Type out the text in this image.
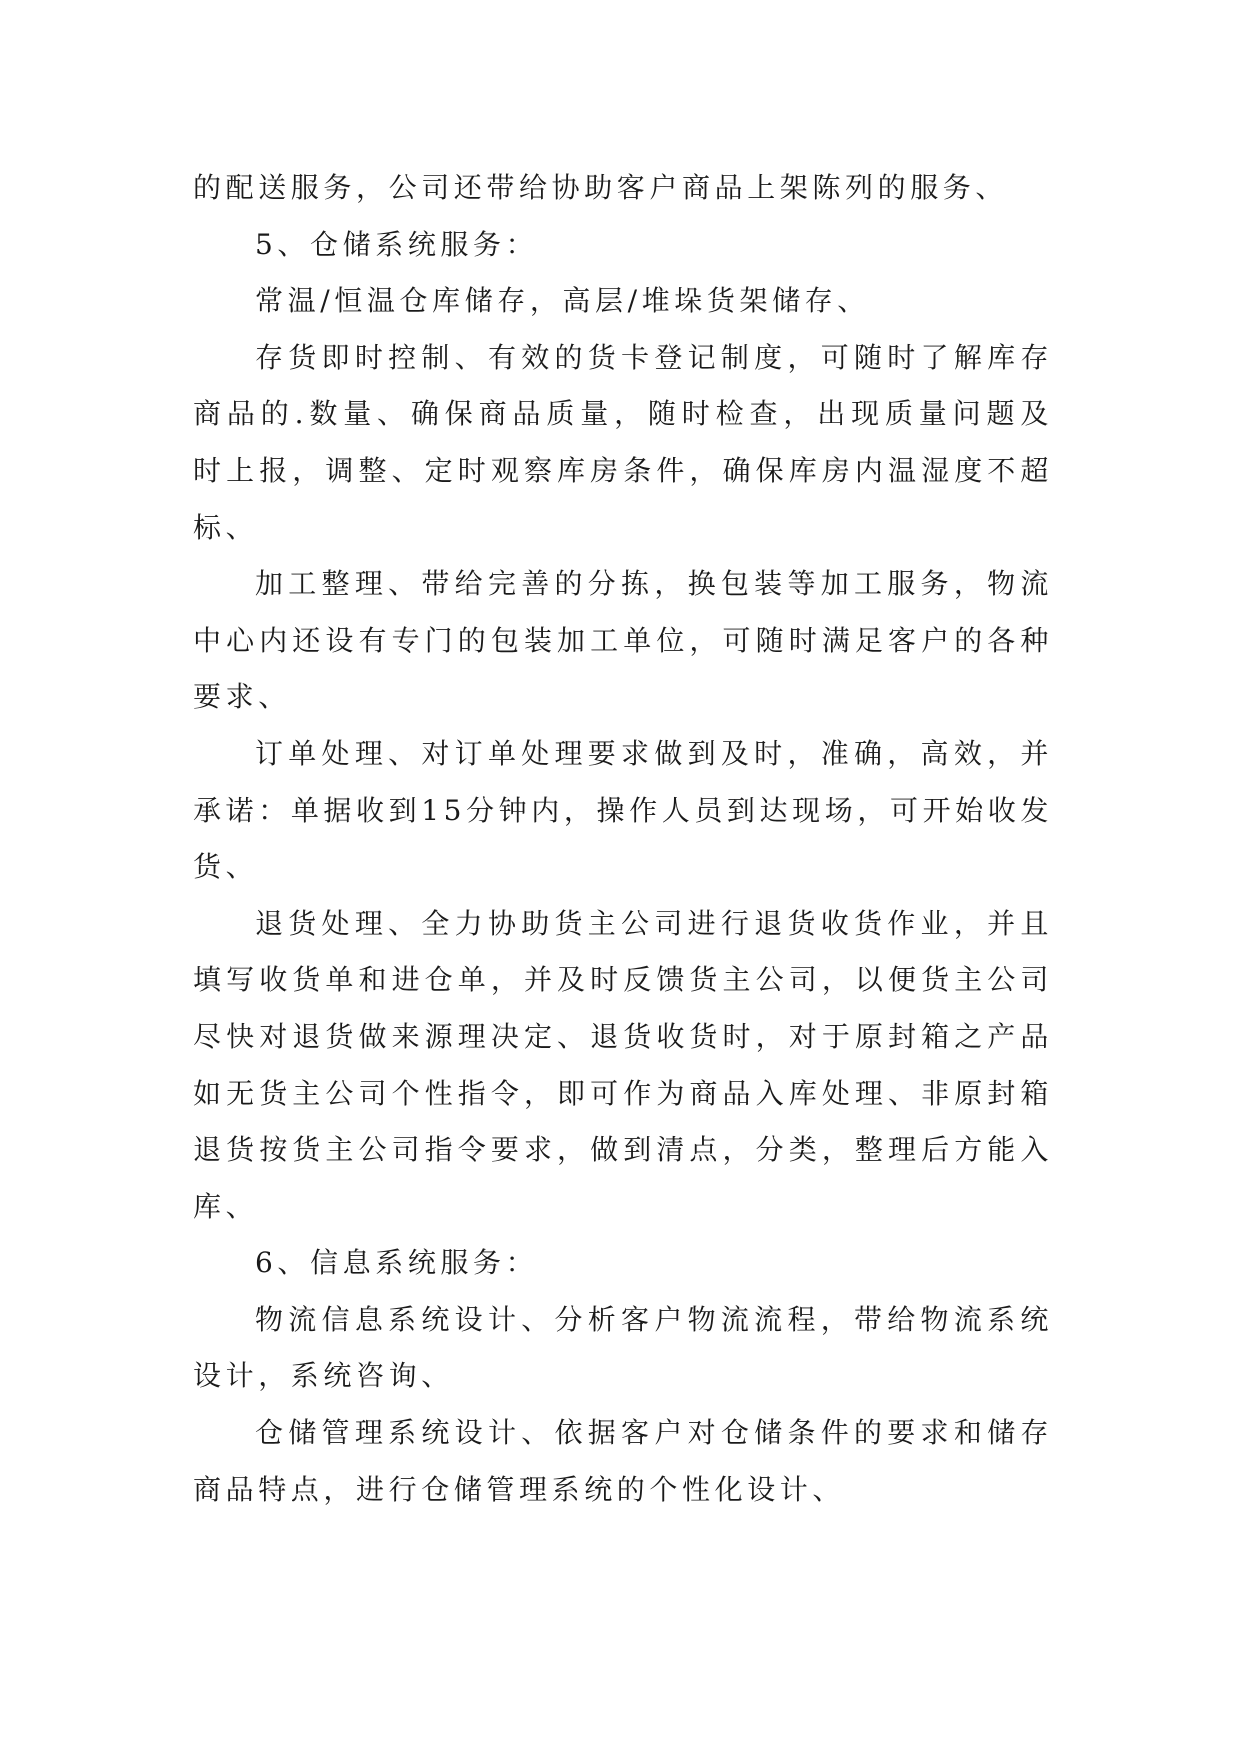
的配送服务，公司还带给协助客户商品上架陈列的服务、

5、仓储系统服务：

常温/恒温仓库储存，高层/堆垛货架储存、

存货即时控制、有效的货卡登记制度，可随时了解库存商品的.数量、确保商品质量，随时检查，出现质量问题及时上报，调整、定时观察库房条件，确保库房内温湿度不超标、

加工整理、带给完善的分拣，换包装等加工服务，物流中心内还设有专门的包装加工单位，可随时满足客户的各种要求、

订单处理、对订单处理要求做到及时，准确，高效，并承诺：单据收到15分钟内，操作人员到达现场，可开始收发货、

退货处理、全力协助货主公司进行退货收货作业，并且填写收货单和进仓单，并及时反馈货主公司，以便货主公司尽快对退货做来源理决定、退货收货时，对于原封箱之产品如无货主公司个性指令，即可作为商品入库处理、非原封箱退货按货主公司指令要求，做到清点，分类，整理后方能入库、

6、信息系统服务：

物流信息系统设计、分析客户物流流程，带给物流系统设计，系统咨询、

仓储管理系统设计、依据客户对仓储条件的要求和储存商品特点，进行仓储管理系统的个性化设计、
